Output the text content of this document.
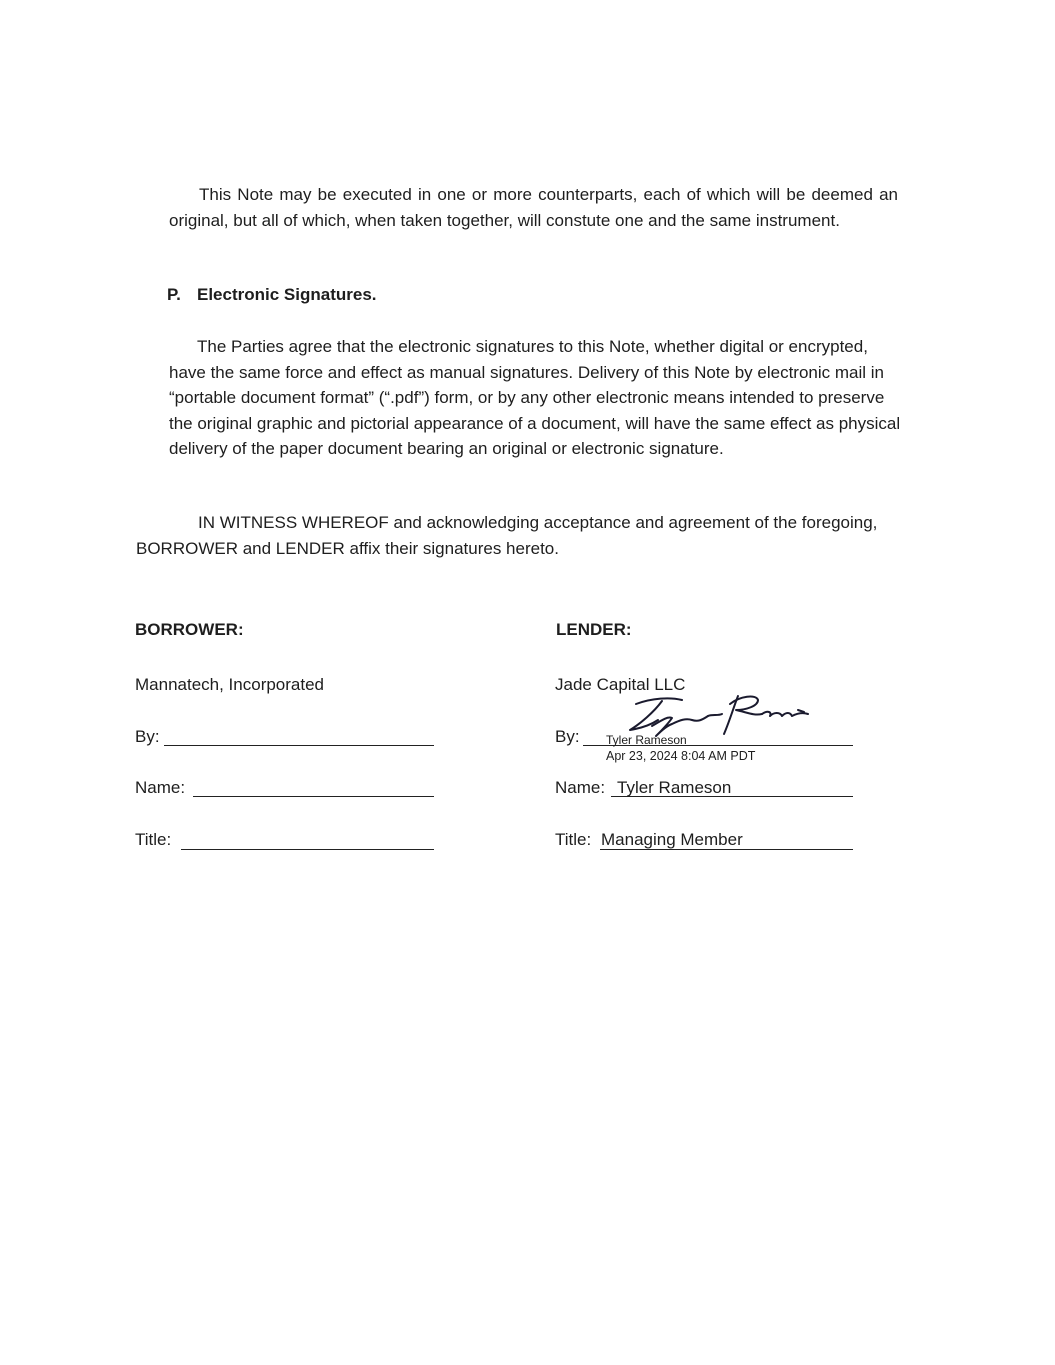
This Note may be executed in one or more counterparts, each of which will be deemed an original, but all of which, when taken together, will constute one and the same instrument.

P. Electronic Signatures.

The Parties agree that the electronic signatures to this Note, whether digital or encrypted, have the same force and effect as manual signatures. Delivery of this Note by electronic mail in “portable document format” (“.pdf”) form, or by any other electronic means intended to preserve the original graphic and pictorial appearance of a document, will have the same effect as physical delivery of the paper document bearing an original or electronic signature.

IN WITNESS WHEREOF and acknowledging acceptance and agreement of the foregoing, BORROWER and LENDER affix their signatures hereto.

BORROWER:
Mannatech, Incorporated
By:
Name:
Title:
LENDER:
Jade Capital LLC
By: Tyler Rameson
Apr 23, 2024 8:04 AM PDT
Name: Tyler Rameson
Title: Managing Member
